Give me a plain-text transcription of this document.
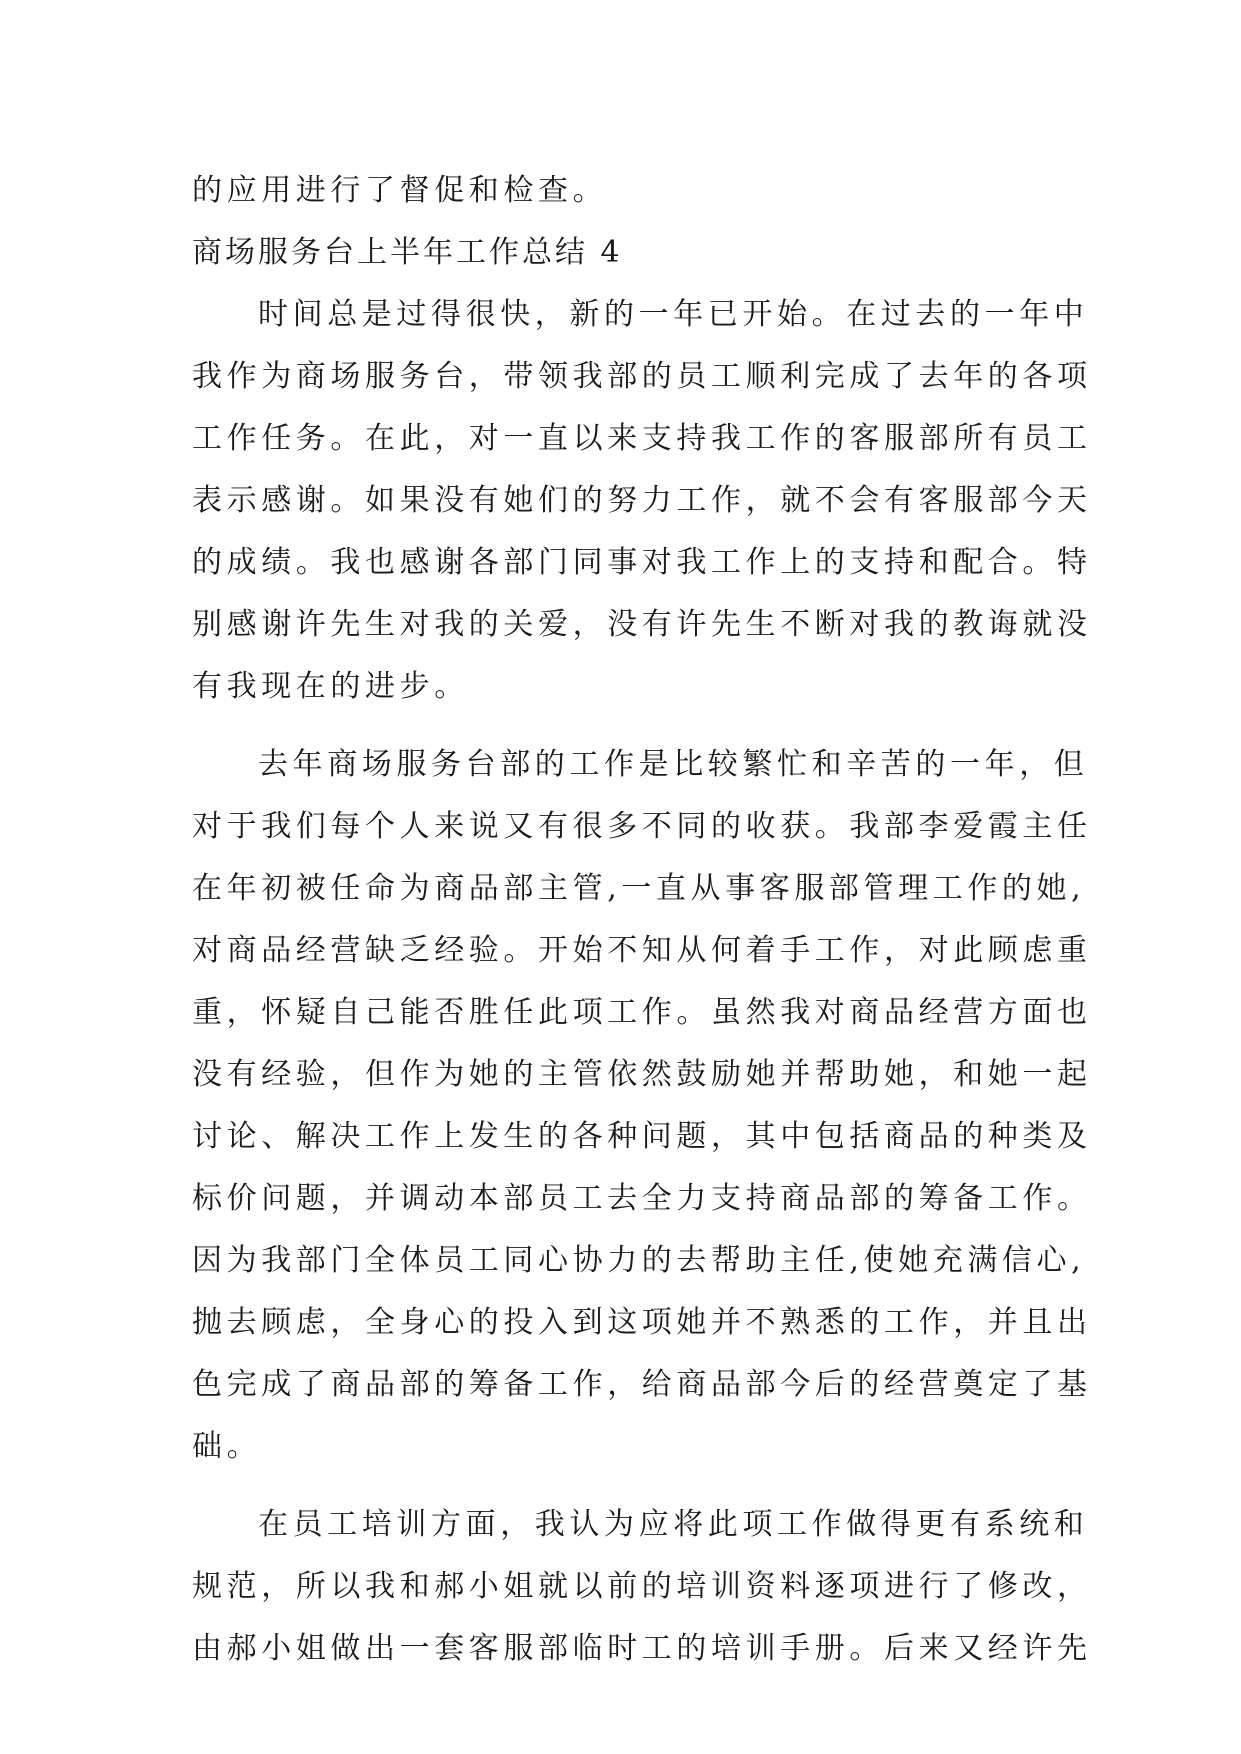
的应用进行了督促和检查。
商场服务台上半年工作总结 4
时间总是过得很快，新的一年已开始。在过去的一年中
我作为商场服务台，带领我部的员工顺利完成了去年的各项
工作任务。在此，对一直以来支持我工作的客服部所有员工
表示感谢。如果没有她们的努力工作，就不会有客服部今天
的成绩。我也感谢各部门同事对我工作上的支持和配合。特
别感谢许先生对我的关爱，没有许先生不断对我的教诲就没
有我现在的进步。
去年商场服务台部的工作是比较繁忙和辛苦的一年，但
对于我们每个人来说又有很多不同的收获。我部李爱霞主任
在年初被任命为商品部主管,一直从事客服部管理工作的她,
对商品经营缺乏经验。开始不知从何着手工作，对此顾虑重
重，怀疑自己能否胜任此项工作。虽然我对商品经营方面也
没有经验，但作为她的主管依然鼓励她并帮助她，和她一起
讨论、解决工作上发生的各种问题，其中包括商品的种类及
标价问题，并调动本部员工去全力支持商品部的筹备工作。
因为我部门全体员工同心协力的去帮助主任,使她充满信心,
抛去顾虑，全身心的投入到这项她并不熟悉的工作，并且出
色完成了商品部的筹备工作，给商品部今后的经营奠定了基
础。
在员工培训方面，我认为应将此项工作做得更有系统和
规范，所以我和郝小姐就以前的培训资料逐项进行了修改，
由郝小姐做出一套客服部临时工的培训手册。后来又经许先
